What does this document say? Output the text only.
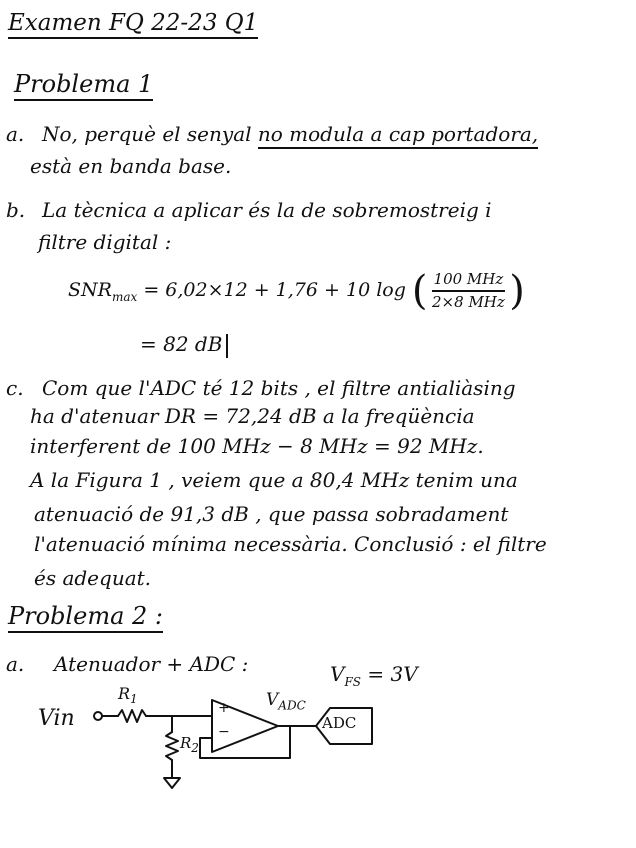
Examen FQ 22-23 Q1
Problema 1
a. No, perquè el senyal no modula a cap portadora,
està en banda base.
b. La tècnica a aplicar és la de sobremostreig i
filtre digital :
$SNR_{max} = 6,02\times 12 + 1,76 + 10$ log ( $\frac{\text{100 MHz}}{\text{2×8 MHz}}$ )
= 82 dB
c. Com que l'ADC té 12 bits , el filtre antialiàsing
ha d'atenuar DR = 72,24 dB a la freqüència
interferent de 100 MHz − 8 MHz = 92 MHz.
A la Figura 1 , veiem que a 80,4 MHz tenim una
atenuació de 91,3 dB , que passa sobradament
l'atenuació mínima necessària. Conclusió : el filtre
és adequat.
Problema 2 :
a. Atenuador + ADC :	$V_{FS} = 3V$
Vin
$R_1$
$R_2$
$V_{ADC}$
ADC
+
−
